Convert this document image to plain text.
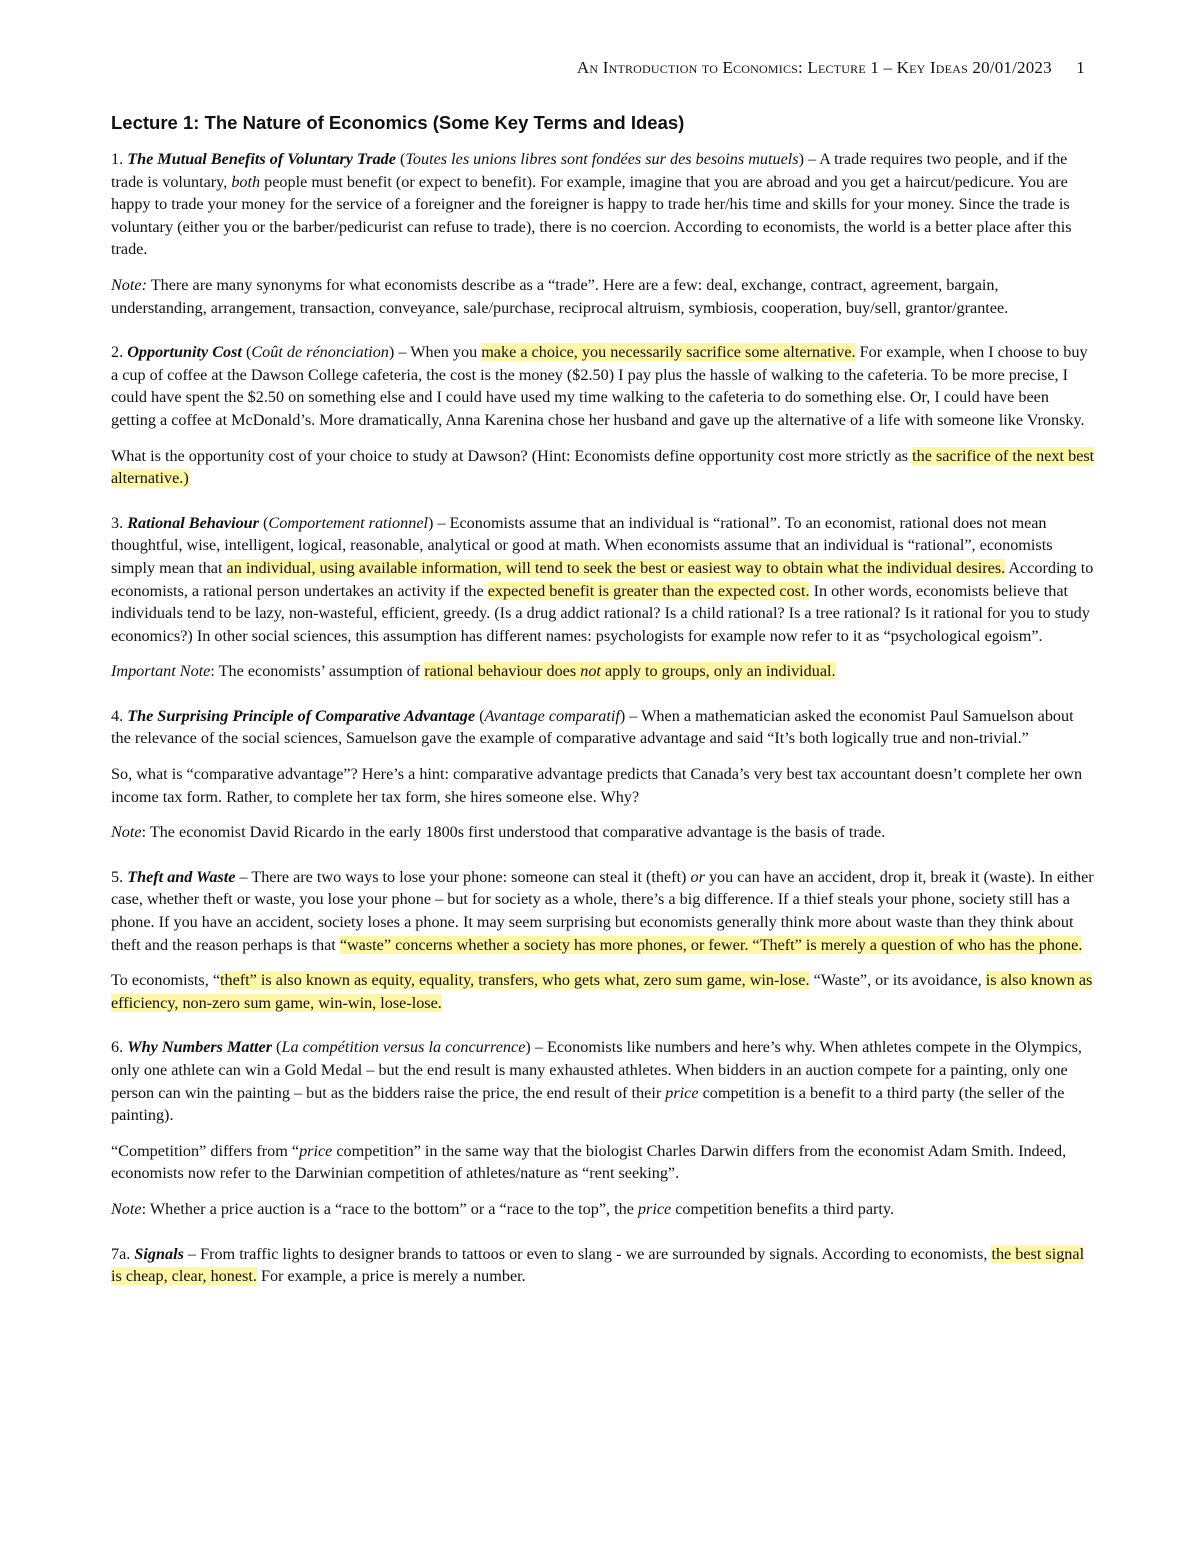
An Introduction to Economics: Lecture 1 – Key Ideas 20/01/2023 1
Lecture 1: The Nature of Economics (Some Key Terms and Ideas)

1. The Mutual Benefits of Voluntary Trade (Toutes les unions libres sont fondées sur des besoins mutuels) – A trade requires two people, and if the trade is voluntary, both people must benefit (or expect to benefit). For example, imagine that you are abroad and you get a haircut/pedicure. You are happy to trade your money for the service of a foreigner and the foreigner is happy to trade her/his time and skills for your money. Since the trade is voluntary (either you or the barber/pedicurist can refuse to trade), there is no coercion. According to economists, the world is a better place after this trade.

Note: There are many synonyms for what economists describe as a “trade”. Here are a few: deal, exchange, contract, agreement, bargain, understanding, arrangement, transaction, conveyance, sale/purchase, reciprocal altruism, symbiosis, cooperation, buy/sell, grantor/grantee.

2. Opportunity Cost (Coût de rénonciation) – When you make a choice, you necessarily sacrifice some alternative. For example, when I choose to buy a cup of coffee at the Dawson College cafeteria, the cost is the money ($2.50) I pay plus the hassle of walking to the cafeteria. To be more precise, I could have spent the $2.50 on something else and I could have used my time walking to the cafeteria to do something else. Or, I could have been getting a coffee at McDonald’s. More dramatically, Anna Karenina chose her husband and gave up the alternative of a life with someone like Vronsky.

What is the opportunity cost of your choice to study at Dawson? (Hint: Economists define opportunity cost more strictly as the sacrifice of the next best alternative.)

3. Rational Behaviour (Comportement rationnel) – Economists assume that an individual is “rational”. To an economist, rational does not mean thoughtful, wise, intelligent, logical, reasonable, analytical or good at math. When economists assume that an individual is “rational”, economists simply mean that an individual, using available information, will tend to seek the best or easiest way to obtain what the individual desires. According to economists, a rational person undertakes an activity if the expected benefit is greater than the expected cost. In other words, economists believe that individuals tend to be lazy, non-wasteful, efficient, greedy. (Is a drug addict rational? Is a child rational? Is a tree rational? Is it rational for you to study economics?) In other social sciences, this assumption has different names: psychologists for example now refer to it as “psychological egoism”.

Important Note: The economists’ assumption of rational behaviour does not apply to groups, only an individual.

4. The Surprising Principle of Comparative Advantage (Avantage comparatif) – When a mathematician asked the economist Paul Samuelson about the relevance of the social sciences, Samuelson gave the example of comparative advantage and said “It’s both logically true and non-trivial.”

So, what is “comparative advantage”? Here’s a hint: comparative advantage predicts that Canada’s very best tax accountant doesn’t complete her own income tax form. Rather, to complete her tax form, she hires someone else. Why?

Note: The economist David Ricardo in the early 1800s first understood that comparative advantage is the basis of trade.

5. Theft and Waste – There are two ways to lose your phone: someone can steal it (theft) or you can have an accident, drop it, break it (waste). In either case, whether theft or waste, you lose your phone – but for society as a whole, there’s a big difference. If a thief steals your phone, society still has a phone. If you have an accident, society loses a phone. It may seem surprising but economists generally think more about waste than they think about theft and the reason perhaps is that “waste” concerns whether a society has more phones, or fewer. “Theft” is merely a question of who has the phone.

To economists, “theft” is also known as equity, equality, transfers, who gets what, zero sum game, win-lose. “Waste”, or its avoidance, is also known as efficiency, non-zero sum game, win-win, lose-lose.

6. Why Numbers Matter (La compétition versus la concurrence) – Economists like numbers and here’s why. When athletes compete in the Olympics, only one athlete can win a Gold Medal – but the end result is many exhausted athletes. When bidders in an auction compete for a painting, only one person can win the painting – but as the bidders raise the price, the end result of their price competition is a benefit to a third party (the seller of the painting).

“Competition” differs from “price competition” in the same way that the biologist Charles Darwin differs from the economist Adam Smith. Indeed, economists now refer to the Darwinian competition of athletes/nature as “rent seeking”.

Note: Whether a price auction is a “race to the bottom” or a “race to the top”, the price competition benefits a third party.

7a. Signals – From traffic lights to designer brands to tattoos or even to slang - we are surrounded by signals. According to economists, the best signal is cheap, clear, honest. For example, a price is merely a number.
